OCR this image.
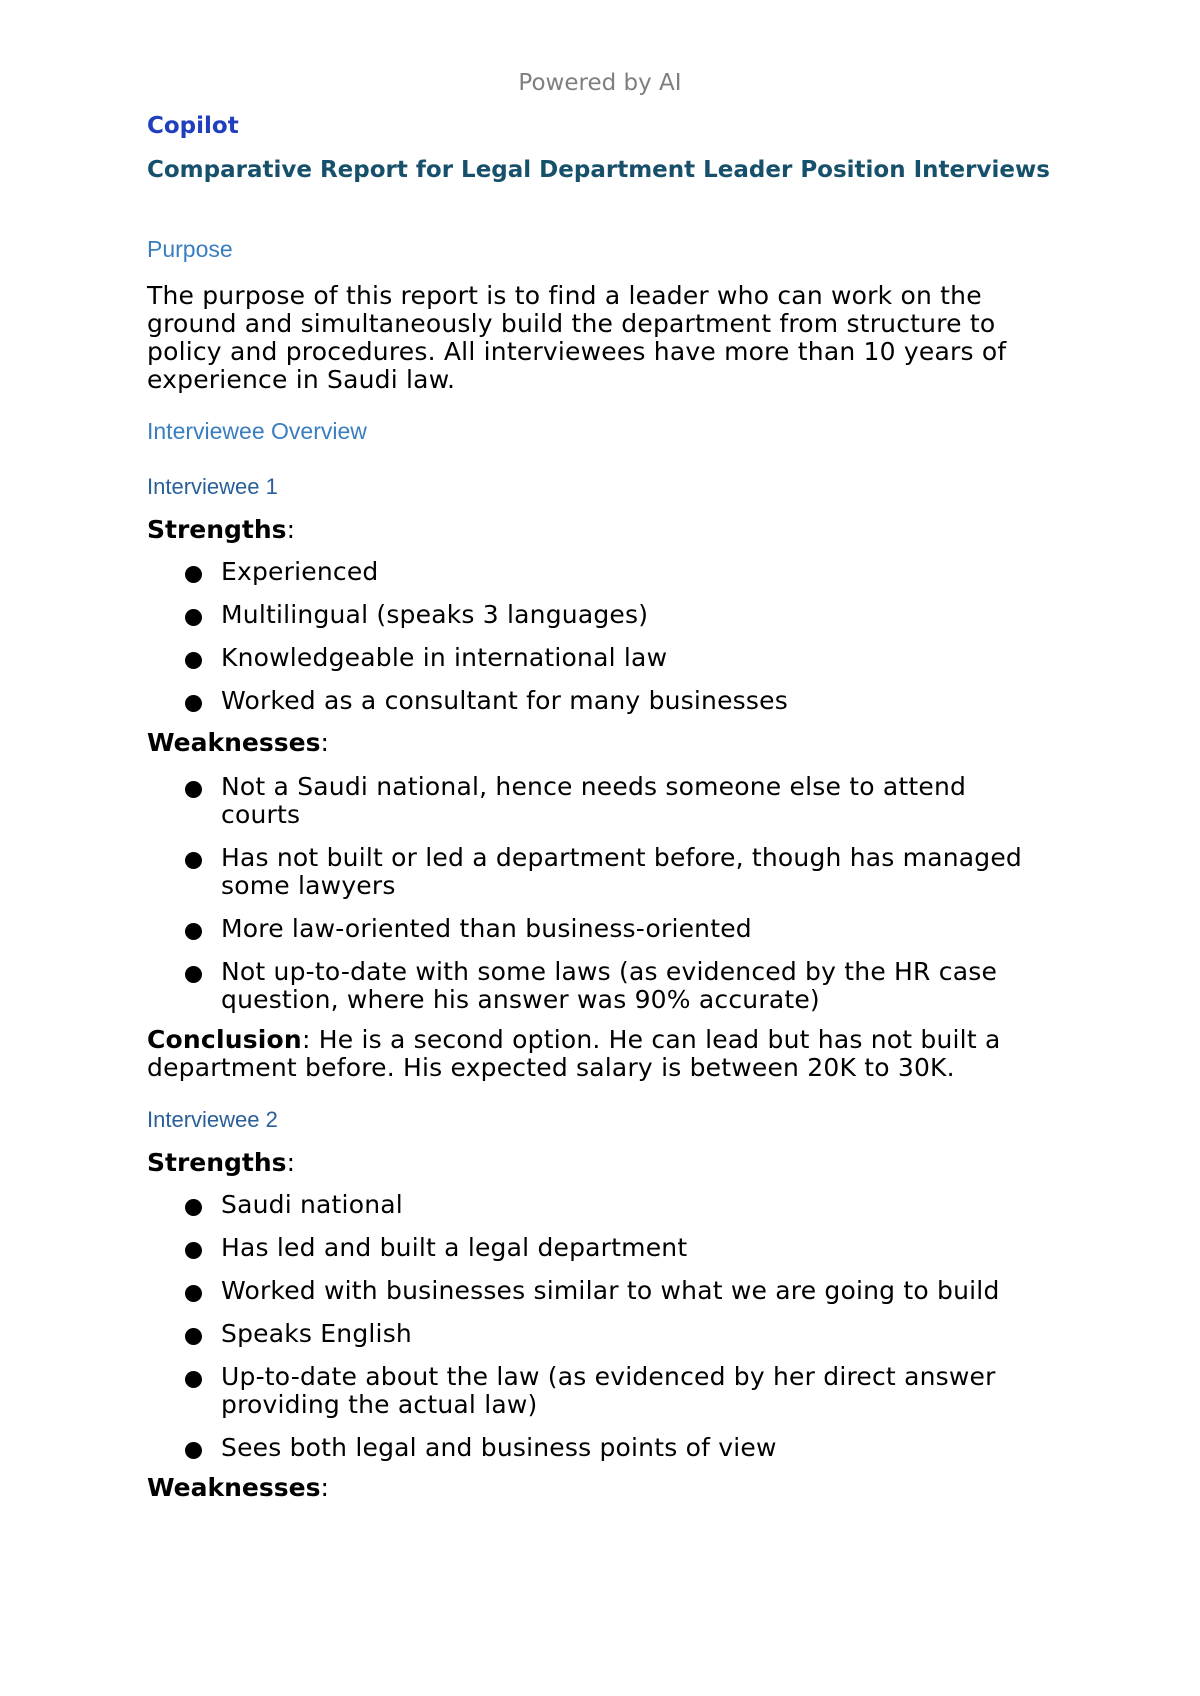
Powered by AI
Copilot
Comparative Report for Legal Department Leader Position Interviews
Purpose

The purpose of this report is to find a leader who can work on the ground and simultaneously build the department from structure to policy and procedures. All interviewees have more than 10 years of experience in Saudi law.

Interviewee Overview
Interviewee 1

Strengths:

Experienced
Multilingual (speaks 3 languages)
Knowledgeable in international law
Worked as a consultant for many businesses

Weaknesses:

Not a Saudi national, hence needs someone else to attend courts
Has not built or led a department before, though has managed some lawyers
More law-oriented than business-oriented
Not up-to-date with some laws (as evidenced by the HR case question, where his answer was 90% accurate)

Conclusion: He is a second option. He can lead but has not built a department before. His expected salary is between 20K to 30K.

Interviewee 2

Strengths:

Saudi national
Has led and built a legal department
Worked with businesses similar to what we are going to build
Speaks English
Up-to-date about the law (as evidenced by her direct answer providing the actual law)
Sees both legal and business points of view

Weaknesses:
